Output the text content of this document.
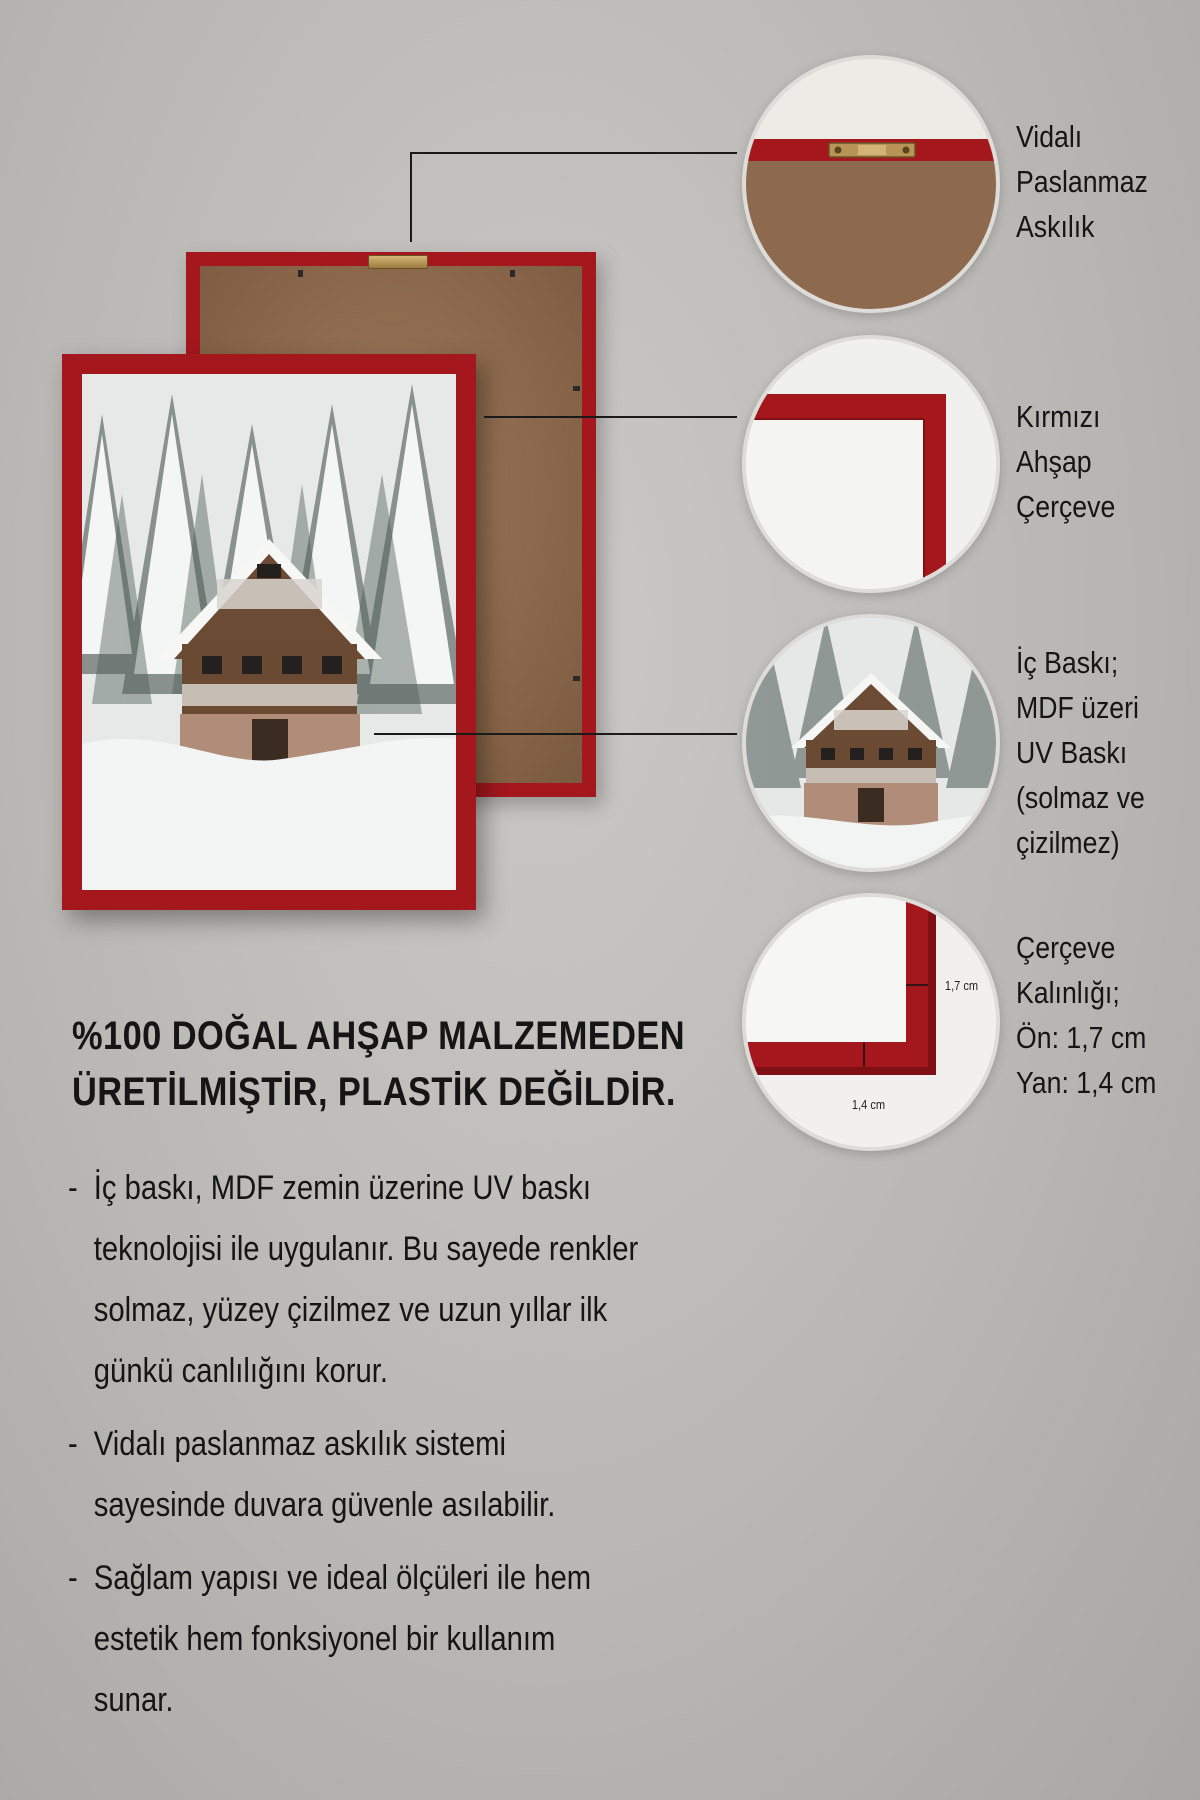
Vidalı
Paslanmaz
Askılık
Kırmızı
Ahşap
Çerçeve
İç Baskı;
MDF üzeri
UV Baskı
(solmaz ve
çizilmez)
1,7 cm
1,4 cm
Çerçeve
Kalınlığı;
Ön: 1,7 cm
Yan: 1,4 cm
%100 DOĞAL AHŞAP MALZEMEDEN
ÜRETİLMİŞTİR, PLASTİK DEĞİLDİR.
- İç baskı, MDF zemin üzerine UV baskı
teknolojisi ile uygulanır. Bu sayede renkler
solmaz, yüzey çizilmez ve uzun yıllar ilk
günkü canlılığını korur.
- Vidalı paslanmaz askılık sistemi
sayesinde duvara güvenle asılabilir.
- Sağlam yapısı ve ideal ölçüleri ile hem
estetik hem fonksiyonel bir kullanım
sunar.
